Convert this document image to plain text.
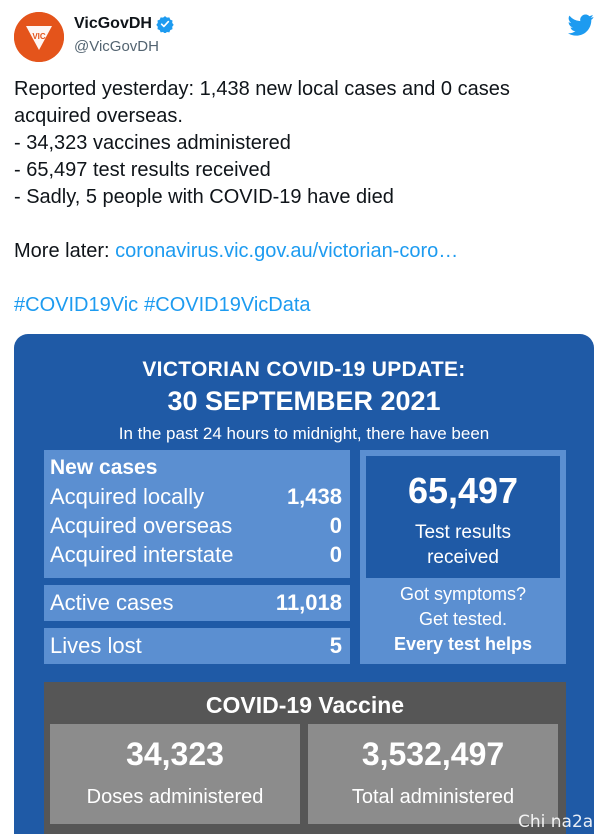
VIC
VicGovDH
@VicGovDH
Reported yesterday: 1,438 new local cases and 0 cases
acquired overseas.
- 34,323 vaccines administered
- 65,497 test results received
- Sadly, 5 people with COVID-19 have died
More later: coronavirus.vic.gov.au/victorian-coro…
#COVID19Vic #COVID19VicData
VICTORIAN COVID-19 UPDATE:
30 SEPTEMBER 2021
In the past 24 hours to midnight, there have been
New cases
Acquired locally	1,438
Acquired overseas	0
Acquired interstate	0
Active cases	11,018
Lives lost	5
65,497
Test results
received
Got symptoms?
Get tested.
Every test helps
COVID-19 Vaccine
34,323
Doses administered
3,532,497
Total administered
Chi na2au
